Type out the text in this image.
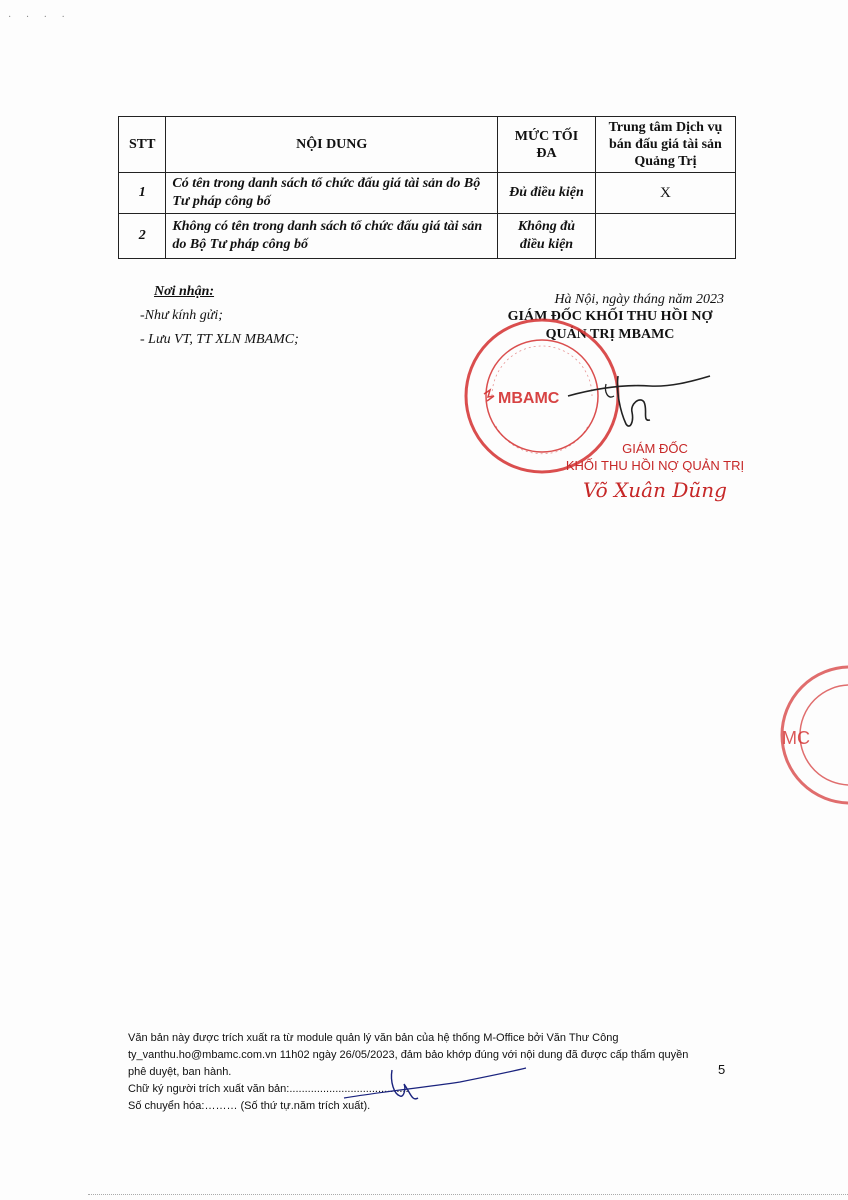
· · · ·
STT	NỘI DUNG	MỨC TỐI ĐA	Trung tâm Dịch vụ bán đấu giá tài sản Quảng Trị
1	Có tên trong danh sách tổ chức đấu giá tài sản do Bộ Tư pháp công bố	Đủ điều kiện	X
2	Không có tên trong danh sách tổ chức đấu giá tài sản do Bộ Tư pháp công bố	Không đủ điều kiện	
Nơi nhận:
-Như kính gửi;
- Lưu VT, TT XLN MBAMC;
Hà Nội, ngày tháng năm 2023
GIÁM ĐỐC KHỐI THU HỒI NỢ
QUẢN TRỊ MBAMC
MBAMC
GIÁM ĐỐC
KHỐI THU HỒI NỢ QUẢN TRỊ
Võ Xuân Dũng
MC
Văn bản này được trích xuất ra từ module quản lý văn bản của hệ thống M-Office bởi Văn Thư Công
ty_vanthu.ho@mbamc.com.vn 11h02 ngày 26/05/2023, đảm bảo khớp đúng với nội dung đã được cấp thẩm quyền
phê duyệt, ban hành.
Chữ ký người trích xuất văn bản:.......................................
Số chuyển hóa:……… (Số thứ tự.năm trích xuất).
5
